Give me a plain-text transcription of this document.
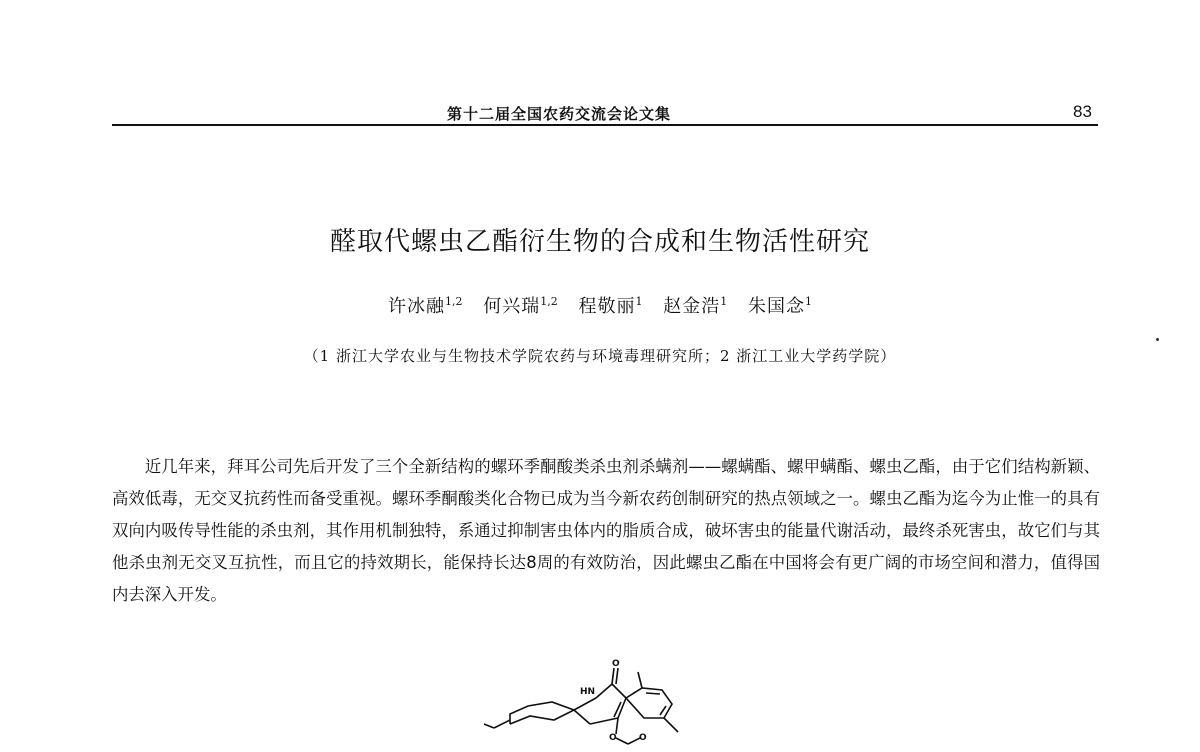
第十二届全国农药交流会论文集	83
醛取代螺虫乙酯衍生物的合成和生物活性研究
许冰融$^{1,2}$ 何兴瑞$^{1,2}$ 程敬丽$^1$ 赵金浩$^1$ 朱国念$^1$
（1 浙江大学农业与生物技术学院农药与环境毒理研究所；2 浙江工业大学药学院）

近几年来，拜耳公司先后开发了三个全新结构的螺环季酮酸类杀虫剂杀螨剂——螺螨酯、螺甲螨酯、螺虫乙酯，由于它们结构新颖、高效低毒，无交叉抗药性而备受重视。螺环季酮酸类化合物已成为当今新农药创制研究的热点领域之一。螺虫乙酯为迄今为止惟一的具有双向内吸传导性能的杀虫剂，其作用机制独特，系通过抑制害虫体内的脂质合成，破坏害虫的能量代谢活动，最终杀死害虫，故它们与其他杀虫剂无交叉互抗性，而且它的持效期长，能保持长达8周的有效防治，因此螺虫乙酯在中国将会有更广阔的市场空间和潜力，值得国内去深入开发。

HN
O
O O
